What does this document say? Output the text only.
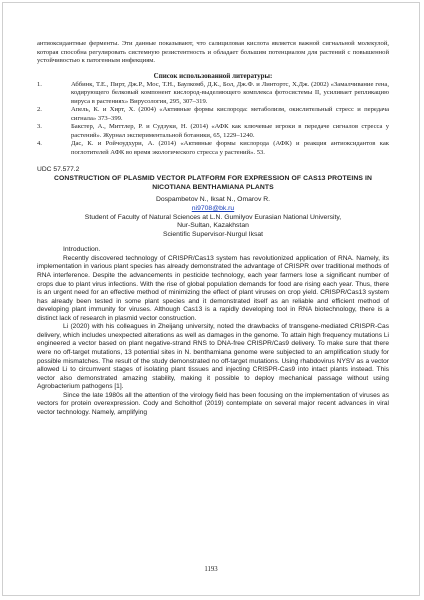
антиоксидантные ферменты. Эти данные показывают, что салициловая кислота является важной сигнальной молекулой, которая способна регулировать системную резистентность и обладает большим потенциалом для растений с повышенной устойчивостью к патогенным инфекциям.

Список использованной литературы:
1.	Аббинк, Т.Е., Пирт, Дж.Р., Мос, Т.Н., Баулкомб, Д.К., Бол, Дж.Ф. и Линтортс, Х.Дж. (2002) «Замалчивание гена, кодирующего белковый компонент кислород-выделяющего комплекса фотосистемы II, усиливает репликацию вируса в растениях» Вирусология, 295, 307–319.
2.	Апель, К. и Хирт, Х. (2004) «Активные формы кислорода: метаболизм, окислительный стресс и передача сигнала» 373–399.
3.	Бакстер, А., Миттлер, Р. и Судзуки, Н. (2014) «АФК как ключевые игроки в передаче сигналов стресса у растений». Журнал экспериментальной ботаники, 65, 1229–1240.
4.	Дас, К. и Ройчоудхури, А. (2014) «Активные формы кислорода (АФК) и реакция антиоксидантов как поглотителей АФК во время экологического стресса у растений». 53.
UDC 57.577.2
CONSTRUCTION OF PLASMID VECTOR PLATFORM FOR EXPRESSION OF CAS13 PROTEINS IN NICOTIANA BENTHAMIANA PLANTS
Dospambetov N., Iksat N., Omarov R.
ni9708@bk.ru
Student of Faculty of Natural Sciences at L.N. Gumilyov Eurasian National University,
Nur-Sultan, Kazakhstan
Scientific Supervisor-Nurgul Iksat
Introduction.

Recently discovered technology of CRISPR/Cas13 system has revolutionized application of RNA. Namely, its implementation in various plant species has already demonstrated the advantage of CRISPR over traditional methods of RNA interference. Despite the advancements in pesticide technology, each year farmers lose a significant number of crops due to plant virus infections. With the rise of global population demands for food are rising each year. Thus, there is an urgent need for an effective method of minimizing the effect of plant viruses on crop yield. CRISPR/Cas13 system has already been tested in some plant species and it demonstrated itself as an reliable and efficient method of developing plant immunity for viruses. Although Cas13 is a rapidly developing tool in RNA biotechnology, there is a distinct lack of research in plasmid vector construction.

Li (2020) with his colleagues in Zheijang university, noted the drawbacks of transgene-mediated CRISPR-Cas delivery, which includes unexpected alterations as well as damages in the genome. To attain high frequency mutations Li engineered a vector based on plant negative-strand RNS to DNA-free CRISPR/Cas9 delivery. To make sure that there were no off-target mutations, 13 potential sites in N. benthamiana genome were subjected to an amplification study for possible mismatches. The result of the study demonstrated no off-target mutations. Using rhabdovirus NYSV as a vector allowed Li to circumvent stages of isolating plant tissues and injecting CRISPR-Cas9 into intact plants instead. This vector also demonstrated amazing stability, making it possible to deploy mechanical passage without using Agrobacterium pathogens [1].

Since the late 1980s all the attention of the virology field has been focusing on the implementation of viruses as vectors for protein overexpression. Cody and Scholthof (2019) contemplate on several major recent advances in viral vector technology. Namely, amplifying

1193
